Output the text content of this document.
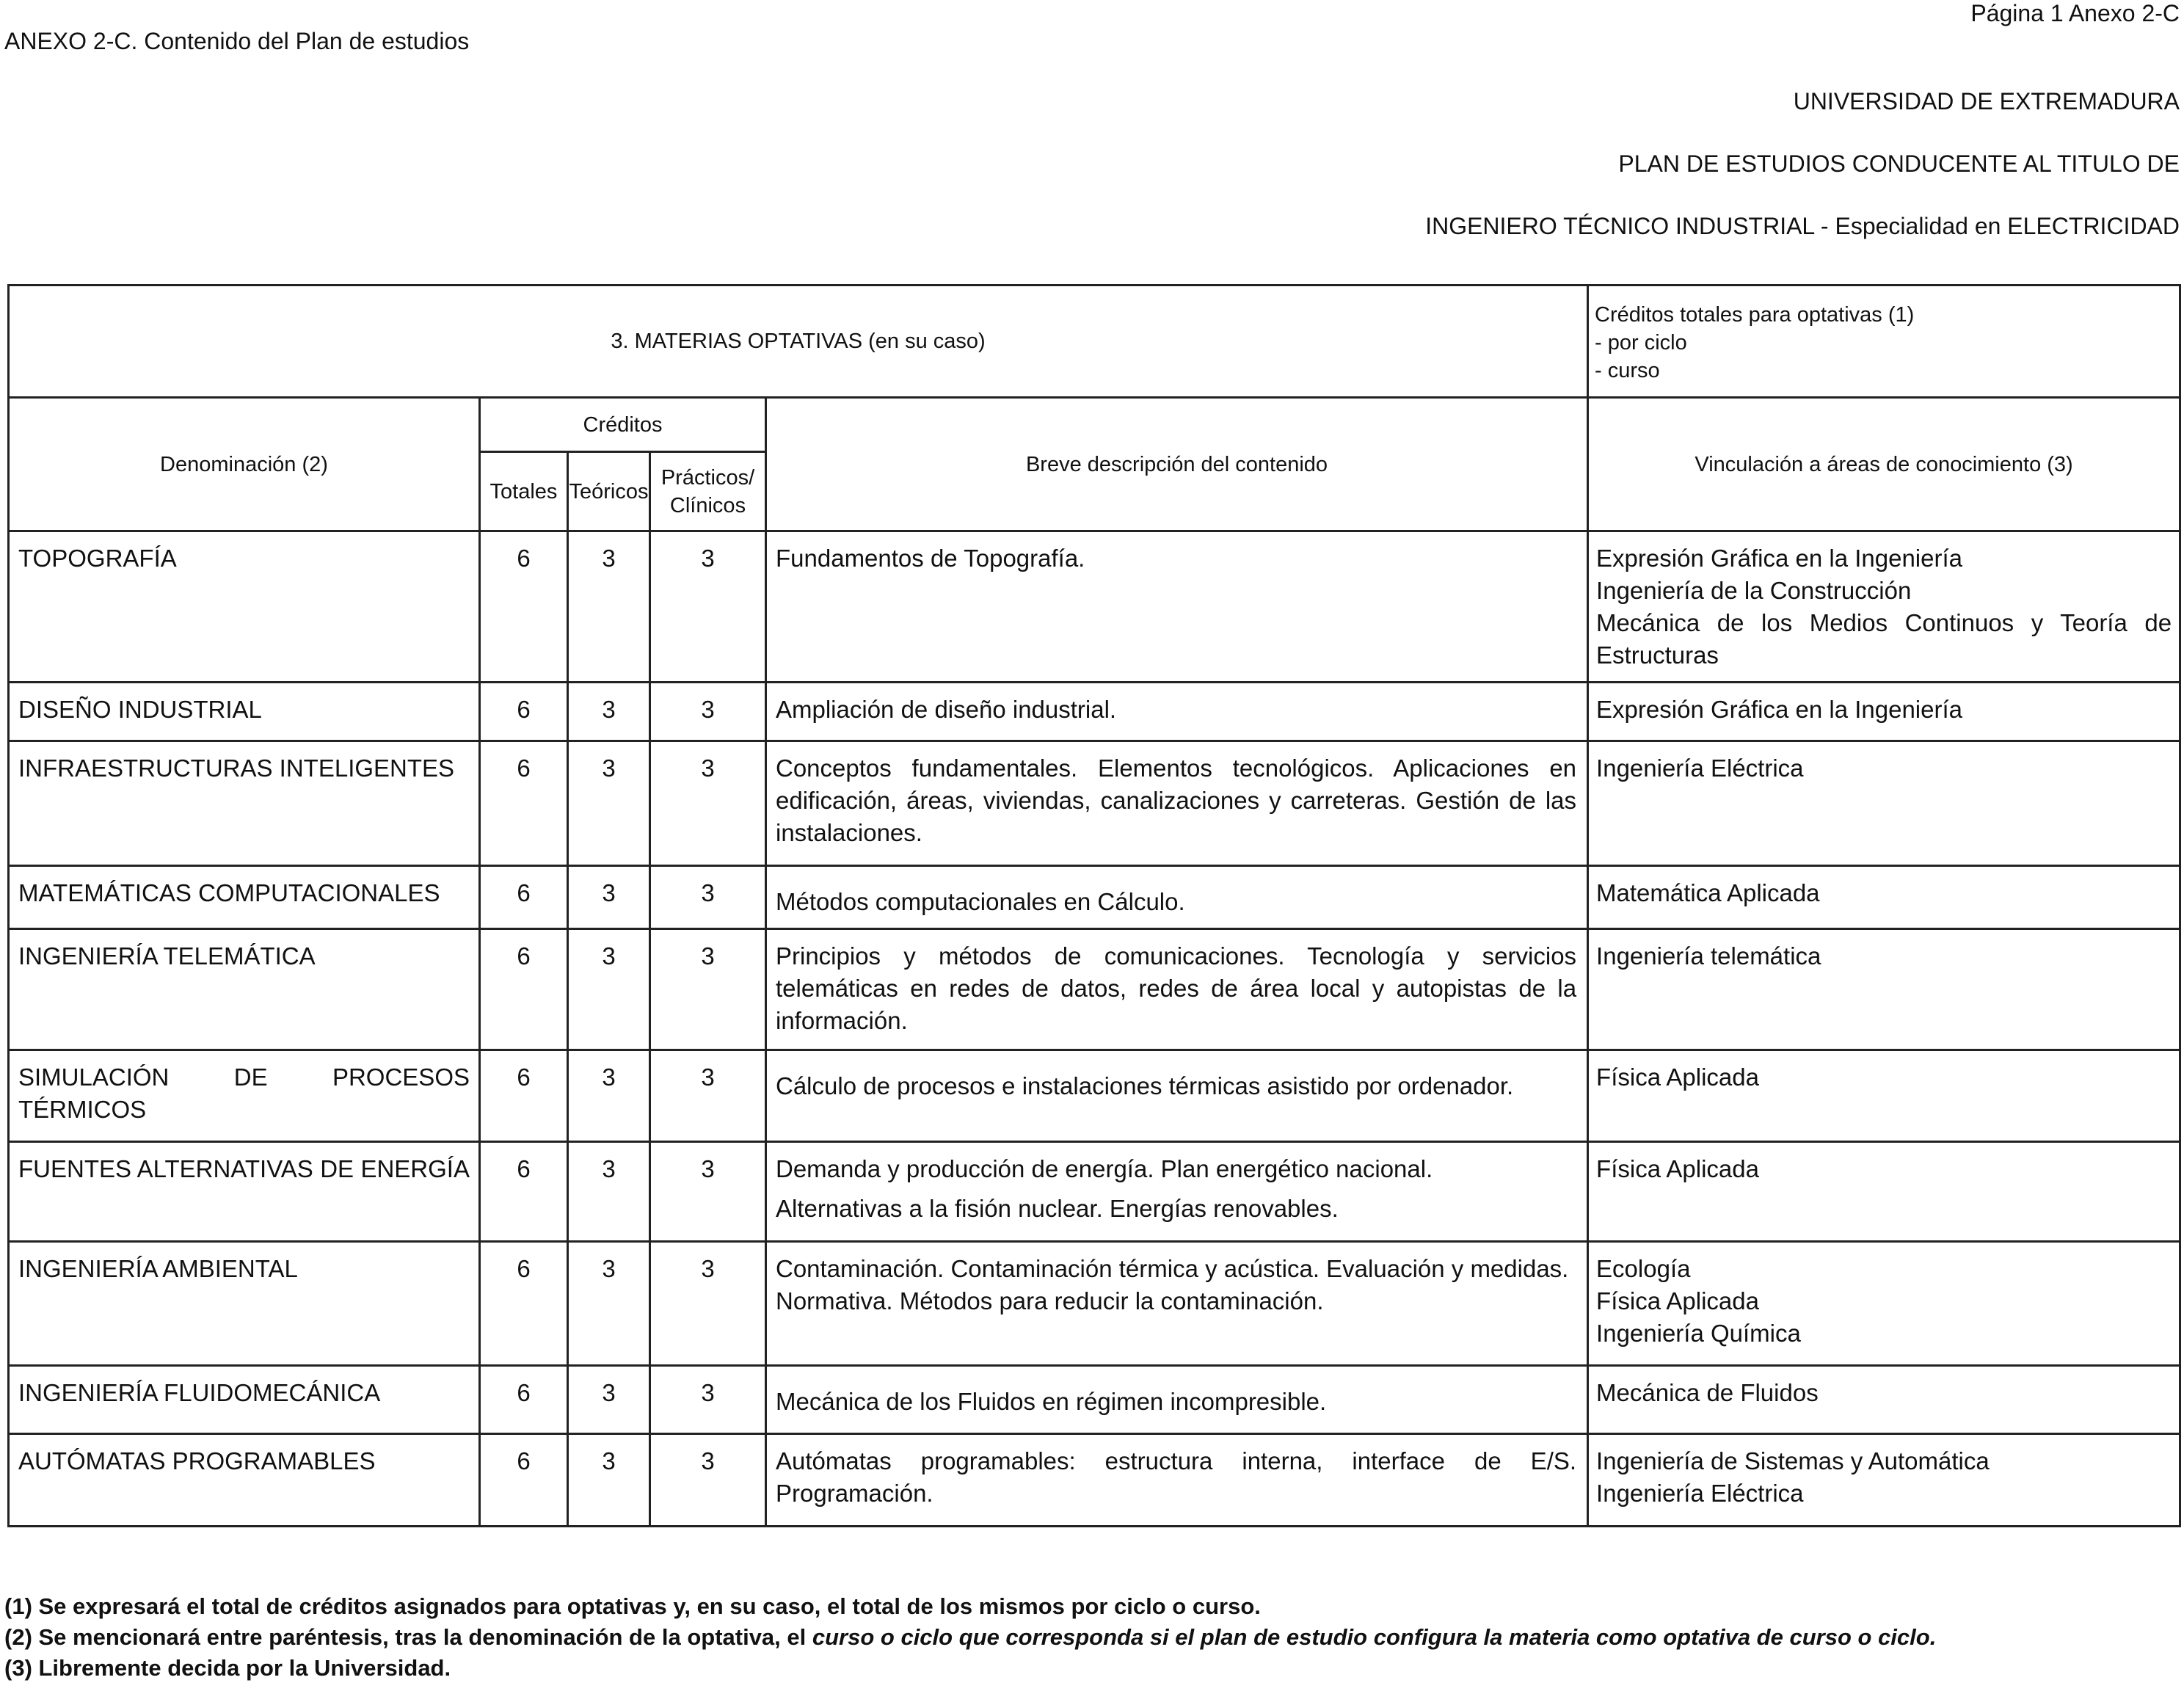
ANEXO 2-C. Contenido del Plan de estudios
Página 1 Anexo 2-C
UNIVERSIDAD DE EXTREMADURA
PLAN DE ESTUDIOS CONDUCENTE AL TITULO DE
INGENIERO TÉCNICO INDUSTRIAL - Especialidad en ELECTRICIDAD
3. MATERIAS OPTATIVAS (en su caso)					Créditos totales para optativas (1)
- por ciclo
- curso

Denominación (2)	Créditos			Breve descripción del contenido	Vinculación a áreas de conocimiento (3)
	Totales	Teóricos	Prácticos/ Clínicos		
TOPOGRAFÍA	6	3	3	Fundamentos de Topografía.	Expresión Gráfica en la Ingeniería
Ingeniería de la Construcción
Mecánica de los Medios Continuos y Teoría de Estructuras

DISEÑO INDUSTRIAL	6	3	3	Ampliación de diseño industrial.	Expresión Gráfica en la Ingeniería

INFRAESTRUCTURAS INTELIGENTES	6	3	3	Conceptos fundamentales. Elementos tecnológicos. Aplicaciones en edificación, áreas, viviendas, canalizaciones y carreteras. Gestión de las instalaciones.	Ingeniería Eléctrica

MATEMÁTICAS COMPUTACIONALES	6	3	3	Métodos computacionales en Cálculo.	Matemática Aplicada

INGENIERÍA TELEMÁTICA	6	3	3	Principios y métodos de comunicaciones. Tecnología y servicios telemáticas en redes de datos, redes de área local y autopistas de la información.	Ingeniería telemática

SIMULACIÓN DE PROCESOS TÉRMICOS	6	3	3	Cálculo de procesos e instalaciones térmicas asistido por ordenador.	Física Aplicada

FUENTES ALTERNATIVAS DE ENERGÍA	6	3	3	Demanda y producción de energía. Plan energético nacional.
Alternativas a la fisión nuclear. Energías renovables.	Física Aplicada

INGENIERÍA AMBIENTAL	6	3	3	Contaminación. Contaminación térmica y acústica. Evaluación y medidas. Normativa. Métodos para reducir la contaminación.	Ecología
Física Aplicada
Ingeniería Química

INGENIERÍA FLUIDOMECÁNICA	6	3	3	Mecánica de los Fluidos en régimen incompresible.	Mecánica de Fluidos

AUTÓMATAS PROGRAMABLES	6	3	3	Autómatas programables: estructura interna, interface de E/S. Programación.	Ingeniería de Sistemas y Automática
Ingeniería Eléctrica
(1) Se expresará el total de créditos asignados para optativas y, en su caso, el total de los mismos por ciclo o curso.
(2) Se mencionará entre paréntesis, tras la denominación de la optativa, el curso o ciclo que corresponda si el plan de estudio configura la materia como optativa de curso o ciclo.
(3) Libremente decida por la Universidad.
